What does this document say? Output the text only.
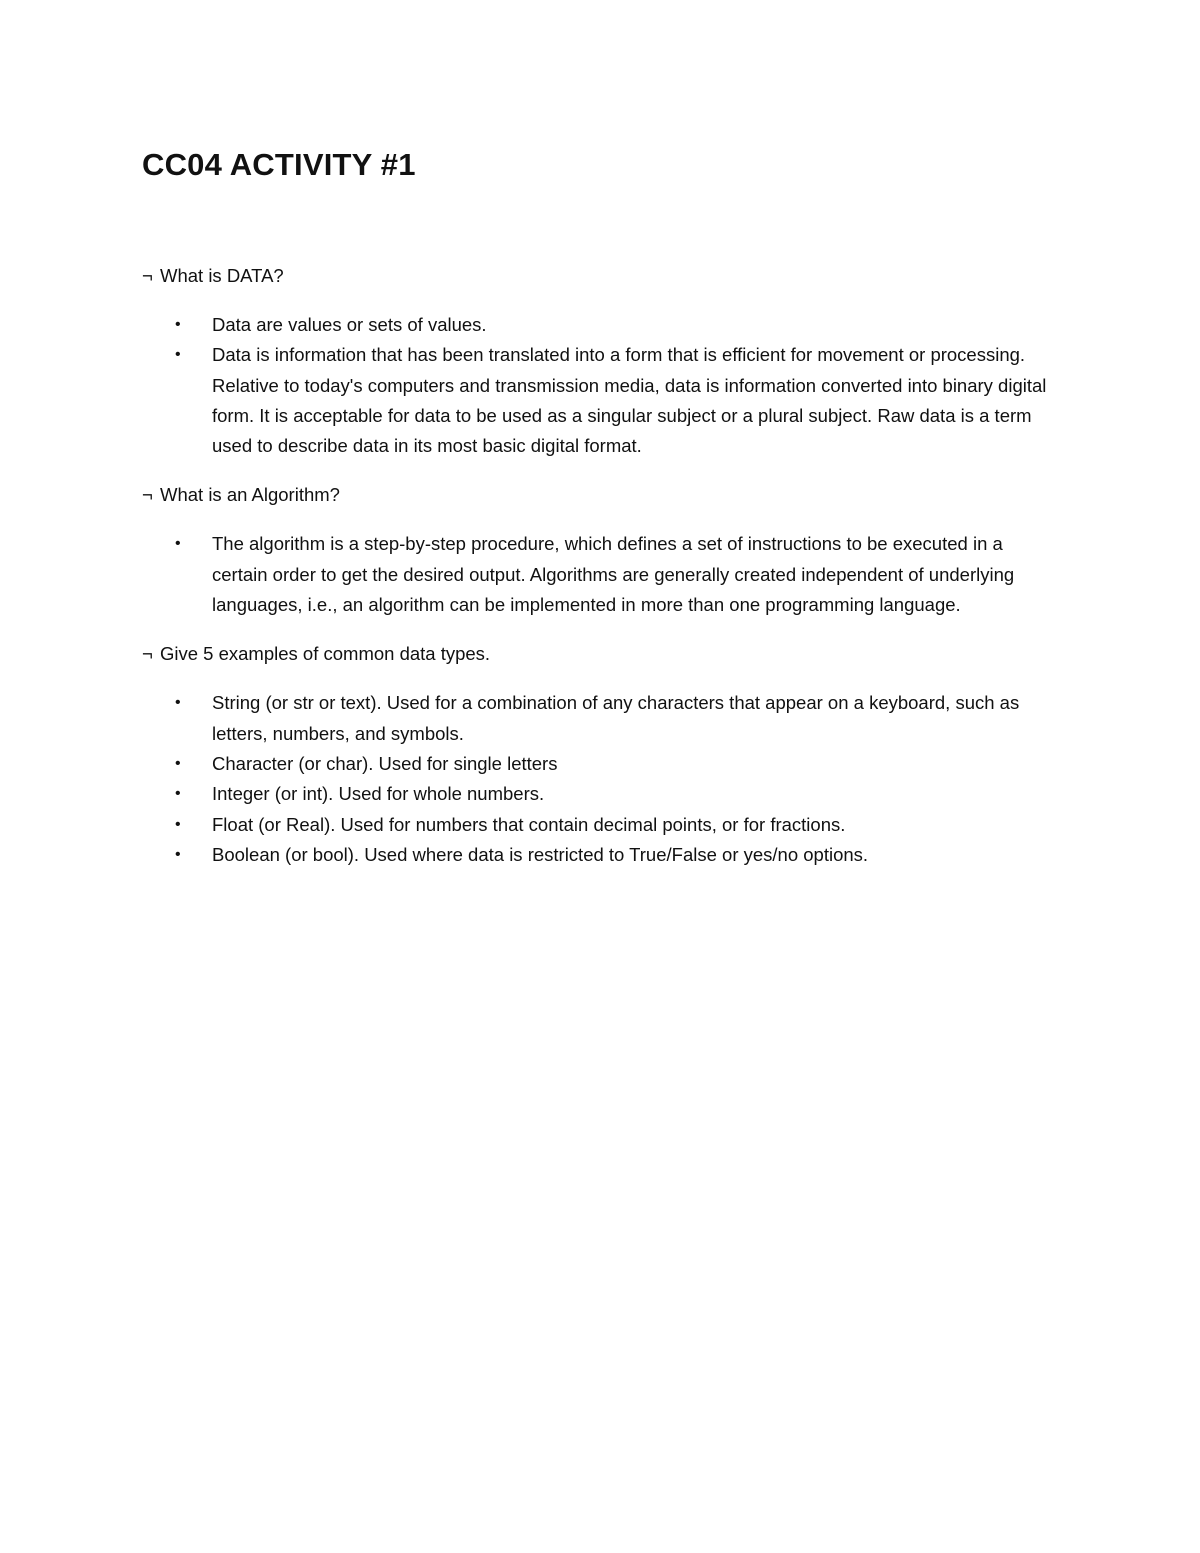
CC04 ACTIVITY #1

¬ What is DATA?

• Data are values or sets of values.
• Data is information that has been translated into a form that is efficient for movement or processing. Relative to today's computers and transmission media, data is information converted into binary digital form. It is acceptable for data to be used as a singular subject or a plural subject. Raw data is a term used to describe data in its most basic digital format.

¬ What is an Algorithm?

• The algorithm is a step-by-step procedure, which defines a set of instructions to be executed in a certain order to get the desired output. Algorithms are generally created independent of underlying languages, i.e., an algorithm can be implemented in more than one programming language.

¬ Give 5 examples of common data types.

• String (or str or text). Used for a combination of any characters that appear on a keyboard, such as letters, numbers, and symbols.
• Character (or char). Used for single letters
• Integer (or int). Used for whole numbers.
• Float (or Real). Used for numbers that contain decimal points, or for fractions.
• Boolean (or bool). Used where data is restricted to True/False or yes/no options.
